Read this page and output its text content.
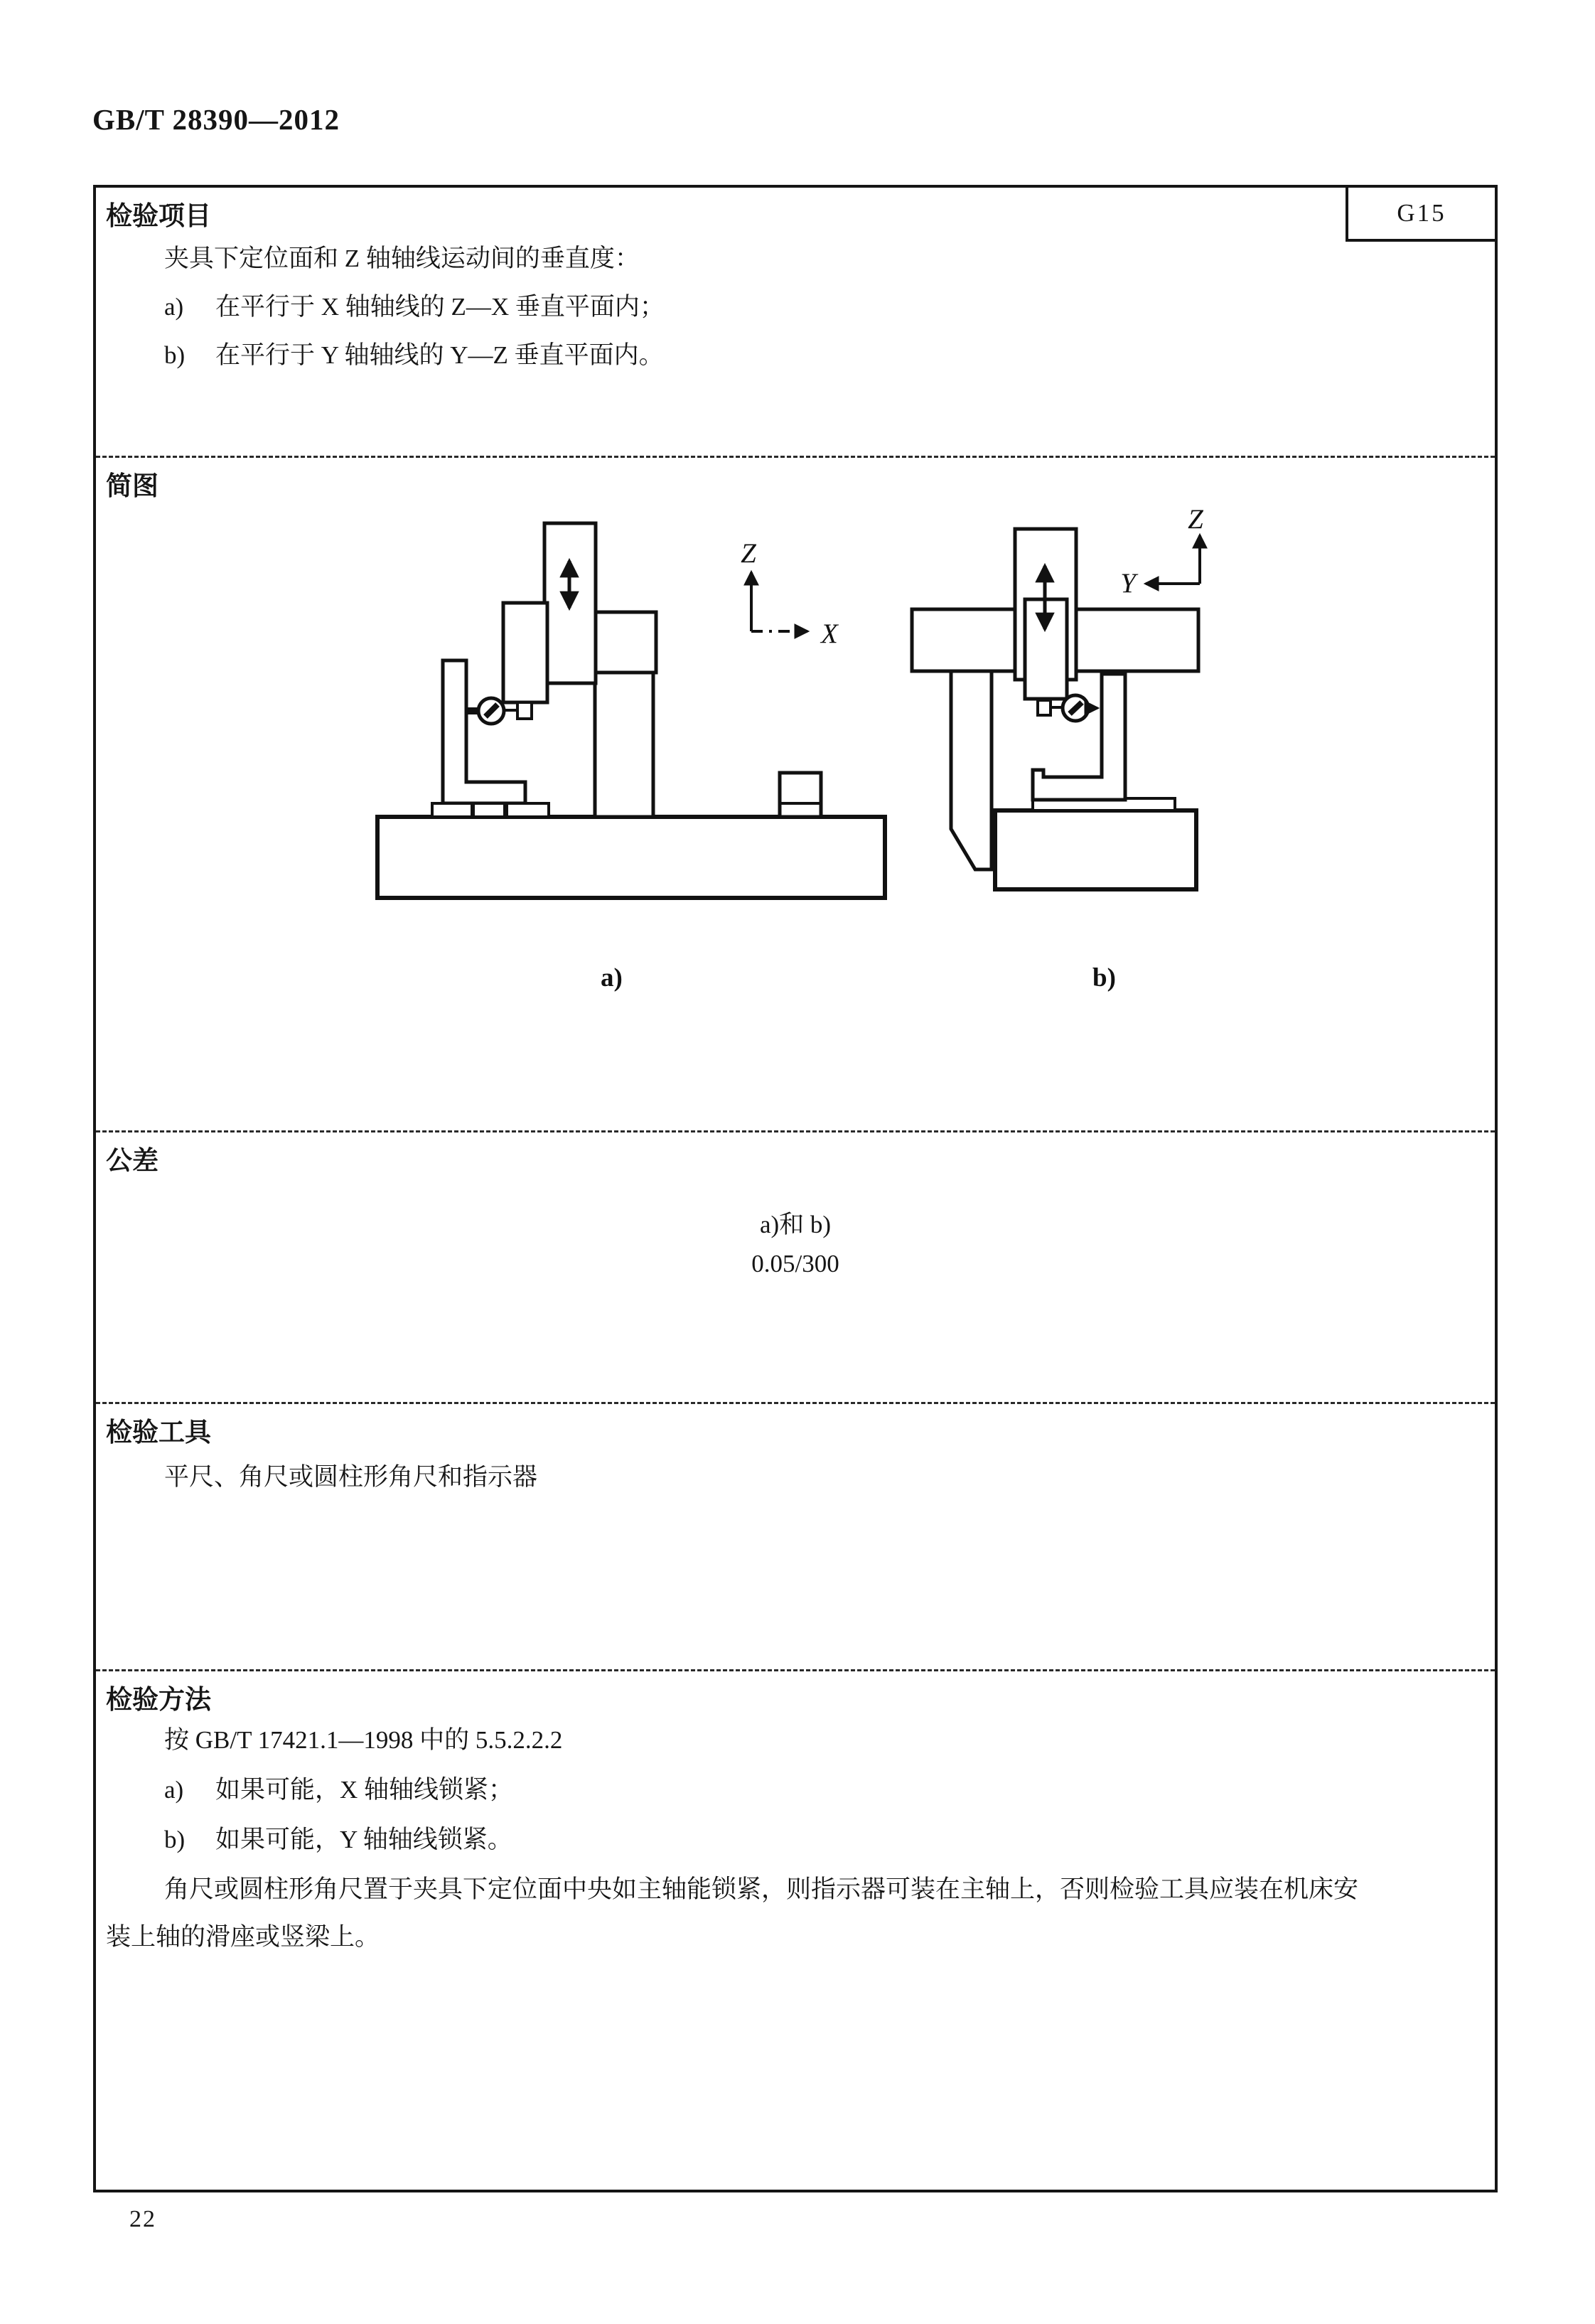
GB/T 28390—2012
G15
检验项目
夹具下定位面和 Z 轴轴线运动间的垂直度：
a)	在平行于 X 轴轴线的 Z—X 垂直平面内；
b)	在平行于 Y 轴轴线的 Y—Z 垂直平面内。
简图
Z
X
a)
Z
Y
b)
公差
a)和 b)
0.05/300
检验工具
平尺、角尺或圆柱形角尺和指示器
检验方法
按 GB/T 17421.1—1998 中的 5.5.2.2.2
a)	如果可能，X 轴轴线锁紧；
b)	如果可能，Y 轴轴线锁紧。
角尺或圆柱形角尺置于夹具下定位面中央如主轴能锁紧，则指示器可装在主轴上，否则检验工具应装在机床安
装上轴的滑座或竖梁上。
22
